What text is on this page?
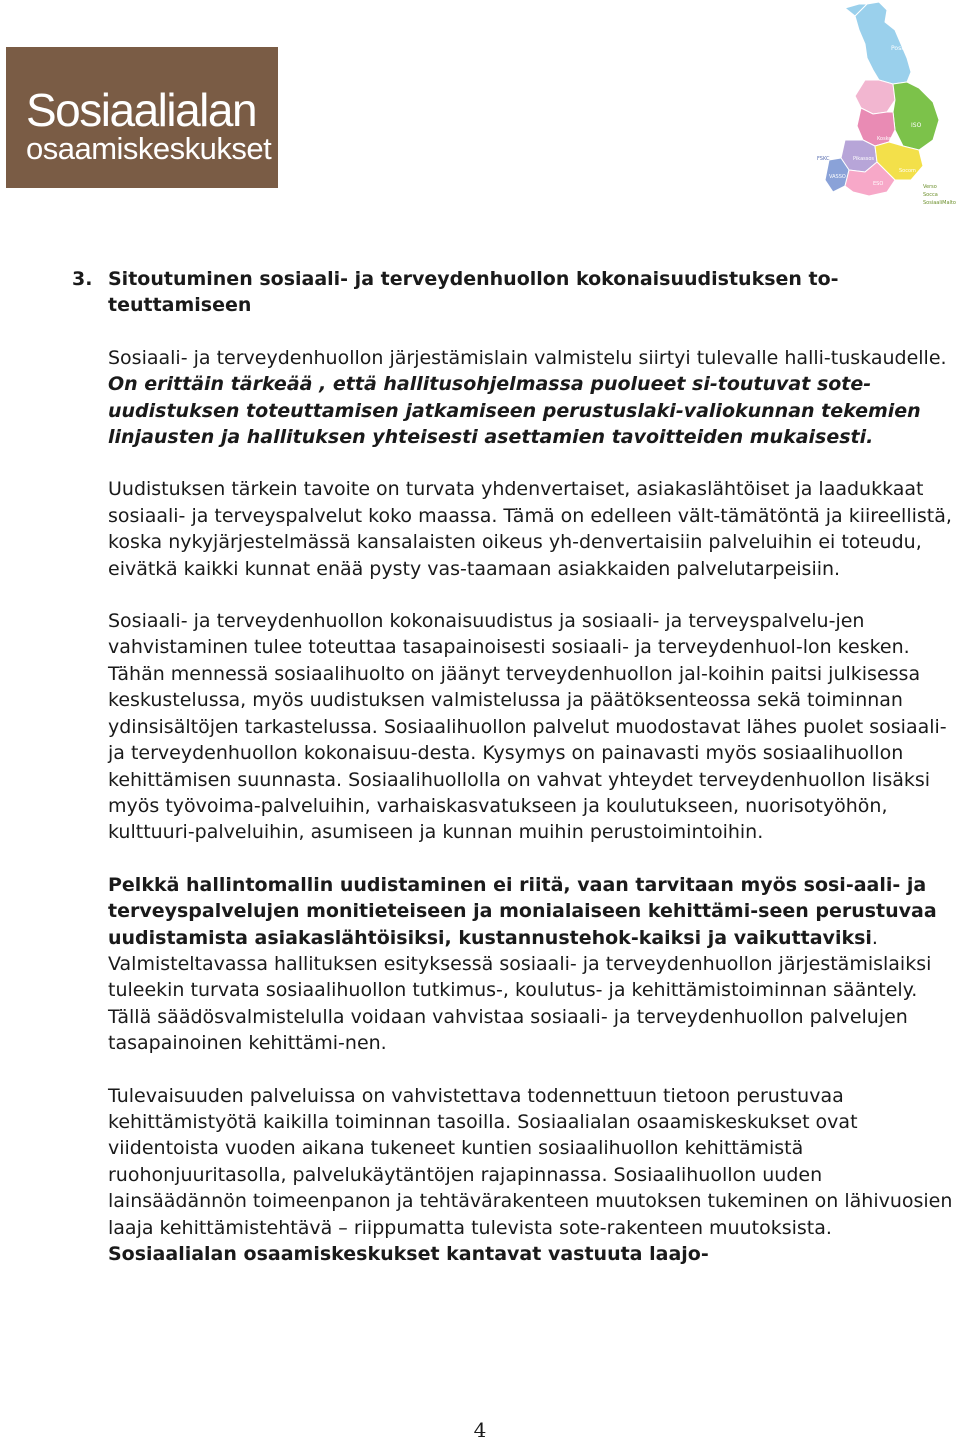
Sosiaalialan
osaamiskeskukset
Poske
ISO
Koske
Pikassos
FSKC
VASSO
ESO
Socom
Verso
Socca
SosiaaliMalto
3. Sitoutuminen sosiaali- ja terveydenhuollon kokonaisuudistuksen to-teuttamiseen

Sosiaali- ja terveydenhuollon järjestämislain valmistelu siirtyi tulevalle halli-tuskaudelle. On erittäin tärkeää , että hallitusohjelmassa puolueet si-toutuvat sote-uudistuksen toteuttamisen jatkamiseen perustuslaki-valiokunnan tekemien linjausten ja hallituksen yhteisesti asettamien tavoitteiden mukaisesti.

Uudistuksen tärkein tavoite on turvata yhdenvertaiset, asiakaslähtöiset ja laadukkaat sosiaali- ja terveyspalvelut koko maassa. Tämä on edelleen vält-tämätöntä ja kiireellistä, koska nykyjärjestelmässä kansalaisten oikeus yh-denvertaisiin palveluihin ei toteudu, eivätkä kaikki kunnat enää pysty vas-taamaan asiakkaiden palvelutarpeisiin.

Sosiaali- ja terveydenhuollon kokonaisuudistus ja sosiaali- ja terveyspalvelu-jen vahvistaminen tulee toteuttaa tasapainoisesti sosiaali- ja terveydenhuol-lon kesken. Tähän mennessä sosiaalihuolto on jäänyt terveydenhuollon jal-koihin paitsi julkisessa keskustelussa, myös uudistuksen valmistelussa ja päätöksenteossa sekä toiminnan ydinsisältöjen tarkastelussa. Sosiaalihuollon palvelut muodostavat lähes puolet sosiaali- ja terveydenhuollon kokonaisuu-desta. Kysymys on painavasti myös sosiaalihuollon kehittämisen suunnasta. Sosiaalihuollolla on vahvat yhteydet terveydenhuollon lisäksi myös työvoima-palveluihin, varhaiskasvatukseen ja koulutukseen, nuorisotyöhön, kulttuuri-palveluihin, asumiseen ja kunnan muihin perustoimintoihin.

Pelkkä hallintomallin uudistaminen ei riitä, vaan tarvitaan myös sosi-aali- ja terveyspalvelujen monitieteiseen ja monialaiseen kehittämi-seen perustuvaa uudistamista asiakaslähtöisiksi, kustannustehok-kaiksi ja vaikuttaviksi. Valmisteltavassa hallituksen esityksessä sosiaali- ja terveydenhuollon järjestämislaiksi tuleekin turvata sosiaalihuollon tutkimus-, koulutus- ja kehittämistoiminnan sääntely. Tällä säädösvalmistelulla voidaan vahvistaa sosiaali- ja terveydenhuollon palvelujen tasapainoinen kehittämi-nen.

Tulevaisuuden palveluissa on vahvistettava todennettuun tietoon perustuvaa kehittämistyötä kaikilla toiminnan tasoilla. Sosiaalialan osaamiskeskukset ovat viidentoista vuoden aikana tukeneet kuntien sosiaalihuollon kehittämistä ruohonjuuritasolla, palvelukäytäntöjen rajapinnassa. Sosiaalihuollon uuden lainsäädännön toimeenpanon ja tehtävärakenteen muutoksen tukeminen on lähivuosien laaja kehittämistehtävä – riippumatta tulevista sote-rakenteen muutoksista. Sosiaalialan osaamiskeskukset kantavat vastuuta laajo-

4
